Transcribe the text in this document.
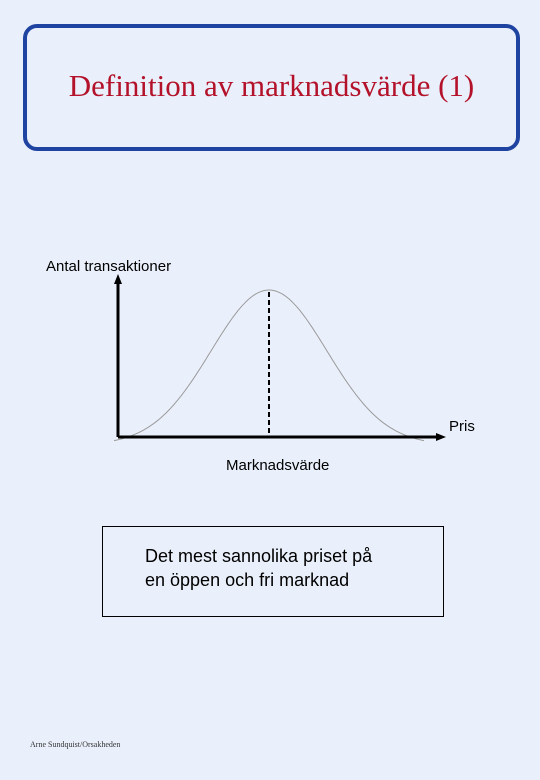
Definition av marknadsvärde (1)
Antal transaktioner
Pris
Marknadsvärde
Det mest sannolika priset på
en öppen och fri marknad
Arne Sundquist/Orsakheden
